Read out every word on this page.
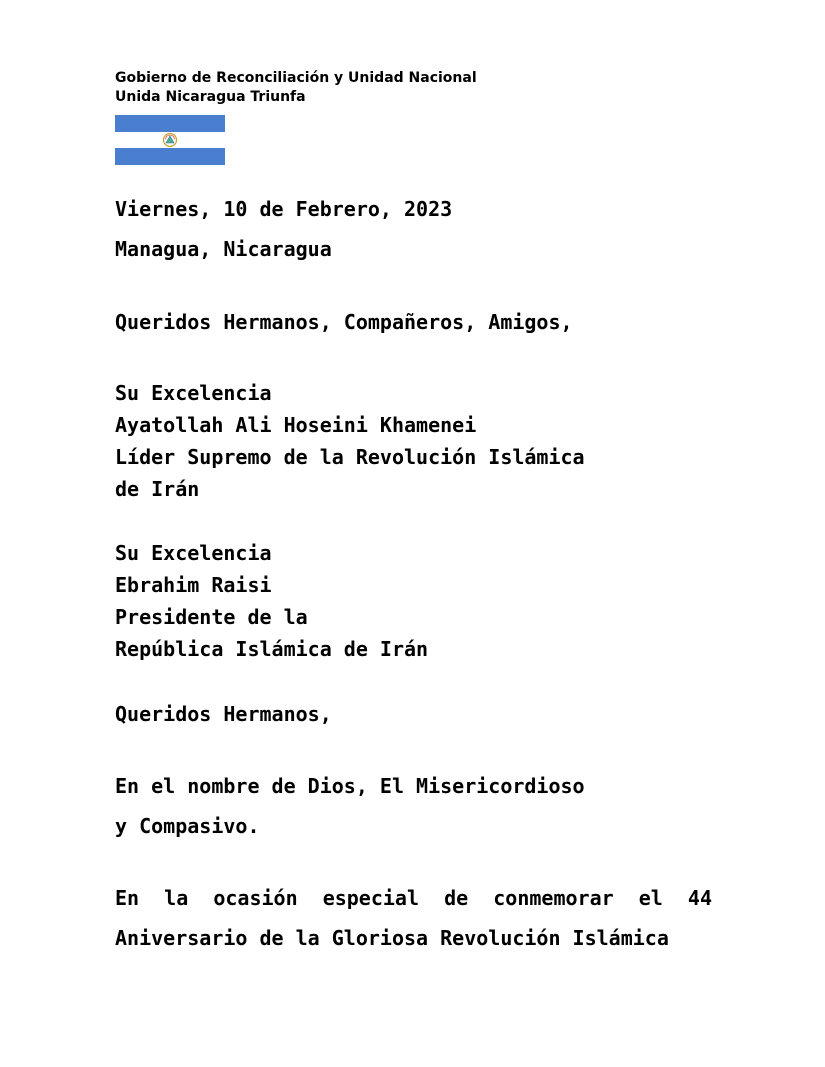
Gobierno de Reconciliación y Unidad Nacional
Unida Nicaragua Triunfa
Viernes, 10 de Febrero, 2023
Managua, Nicaragua
Queridos Hermanos, Compañeros, Amigos,
Su Excelencia
Ayatollah Ali Hoseini Khamenei
Líder Supremo de la Revolución Islámica
de Irán
Su Excelencia
Ebrahim Raisi
Presidente de la
República Islámica de Irán
Queridos Hermanos,
En el nombre de Dios, El Misericordioso
y Compasivo.
En la ocasión especial de conmemorar el 44
Aniversario de la Gloriosa Revolución Islámica
